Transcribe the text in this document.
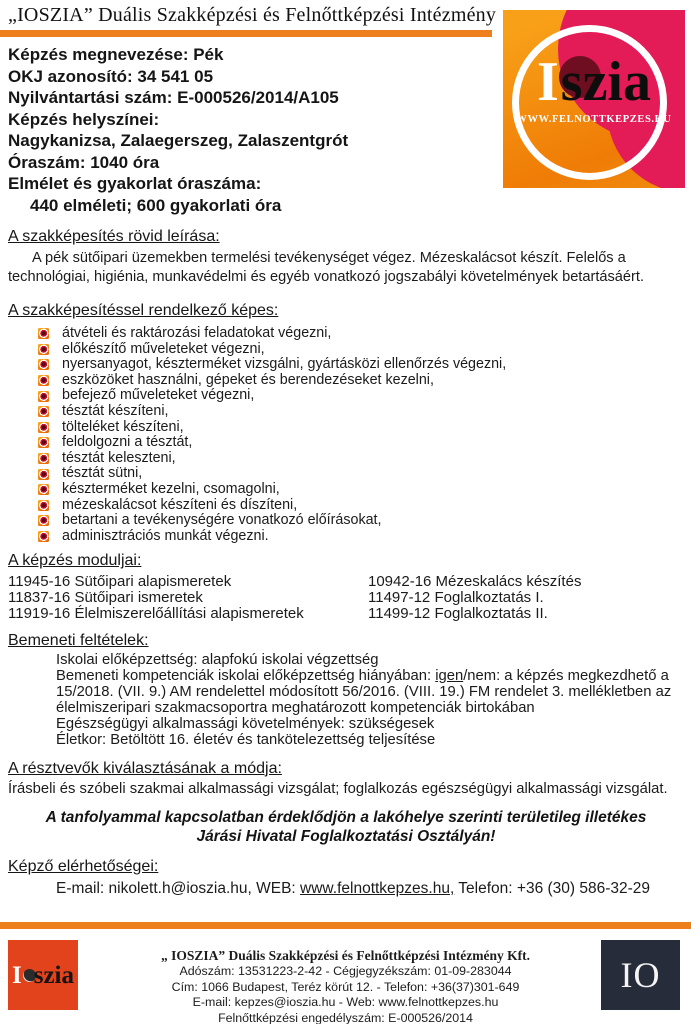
„IOSZIA” Duális Szakképzési és Felnőttképzési Intézmény
Iszia
WWW.FELNOTTKEPZES.HU
Képzés megnevezése: Pék
OKJ azonosító: 34 541 05
Nyilvántartási szám: E-000526/2014/A105
Képzés helyszínei:
Nagykanizsa, Zalaegerszeg, Zalaszentgrót
Óraszám: 1040 óra
Elmélet és gyakorlat óraszáma:
440 elméleti; 600 gyakorlati óra
A szakképesítés rövid leírása:

A pék sütőipari üzemekben termelési tevékenységet végez. Mézeskalácsot készít. Felelős a technológiai, higiénia, munkavédelmi és egyéb vonatkozó jogszabályi követelmények betartásáért.

A szakképesítéssel rendelkező képes:
átvételi és raktározási feladatokat végezni,
előkészítő műveleteket végezni,
nyersanyagot, készterméket vizsgálni, gyártásközi ellenőrzés végezni,
eszközöket használni, gépeket és berendezéseket kezelni,
befejező műveleteket végezni,
tésztát készíteni,
tölteléket készíteni,
feldolgozni a tésztát,
tésztát keleszteni,
tésztát sütni,
készterméket kezelni, csomagolni,
mézeskalácsot készíteni és díszíteni,
betartani a tevékenységére vonatkozó előírásokat,
adminisztrációs munkát végezni.
A képzés moduljai:
11945-16 Sütőipari alapismeretek	10942-16 Mézeskalács készítés
11837-16 Sütőipari ismeretek	11497-12 Foglalkoztatás I.
11919-16 Élelmiszerelőállítási alapismeretek	11499-12 Foglalkoztatás II.
Bemeneti feltételek:
Iskolai előképzettség: alapfokú iskolai végzettség
Bemeneti kompetenciák iskolai előképzettség hiányában: igen/nem: a képzés megkezdhető a 15/2018. (VII. 9.) AM rendelettel módosított 56/2016. (VIII. 19.) FM rendelet 3. mellékletben az élelmiszeripari szakmacsoportra meghatározott kompetenciák birtokában
Egészségügyi alkalmassági követelmények: szükségesek
Életkor: Betöltött 16. életév és tankötelezettség teljesítése
A résztvevők kiválasztásának a módja:

Írásbeli és szóbeli szakmai alkalmassági vizsgálat; foglalkozás egészségügyi alkalmassági vizsgálat.

A tanfolyammal kapcsolatban érdeklődjön a lakóhelye szerinti területileg illetékes Járási Hivatal Foglalkoztatási Osztályán!

Képző elérhetőségei:
E-mail: nikolett.h@ioszia.hu, WEB: www.felnottkepzes.hu, Telefon: +36 (30) 586-32-29
I szia
„ IOSZIA” Duális Szakképzési és Felnőttképzési Intézmény Kft.
Adószám: 13531223-2-42 - Cégjegyzékszám: 01-09-283044
Cím: 1066 Budapest, Teréz körút 12. - Telefon: +36(37)301-649
E-mail: kepzes@ioszia.hu - Web: www.felnottkepzes.hu
Felnőttképzési engedélyszám: E-000526/2014
IO
